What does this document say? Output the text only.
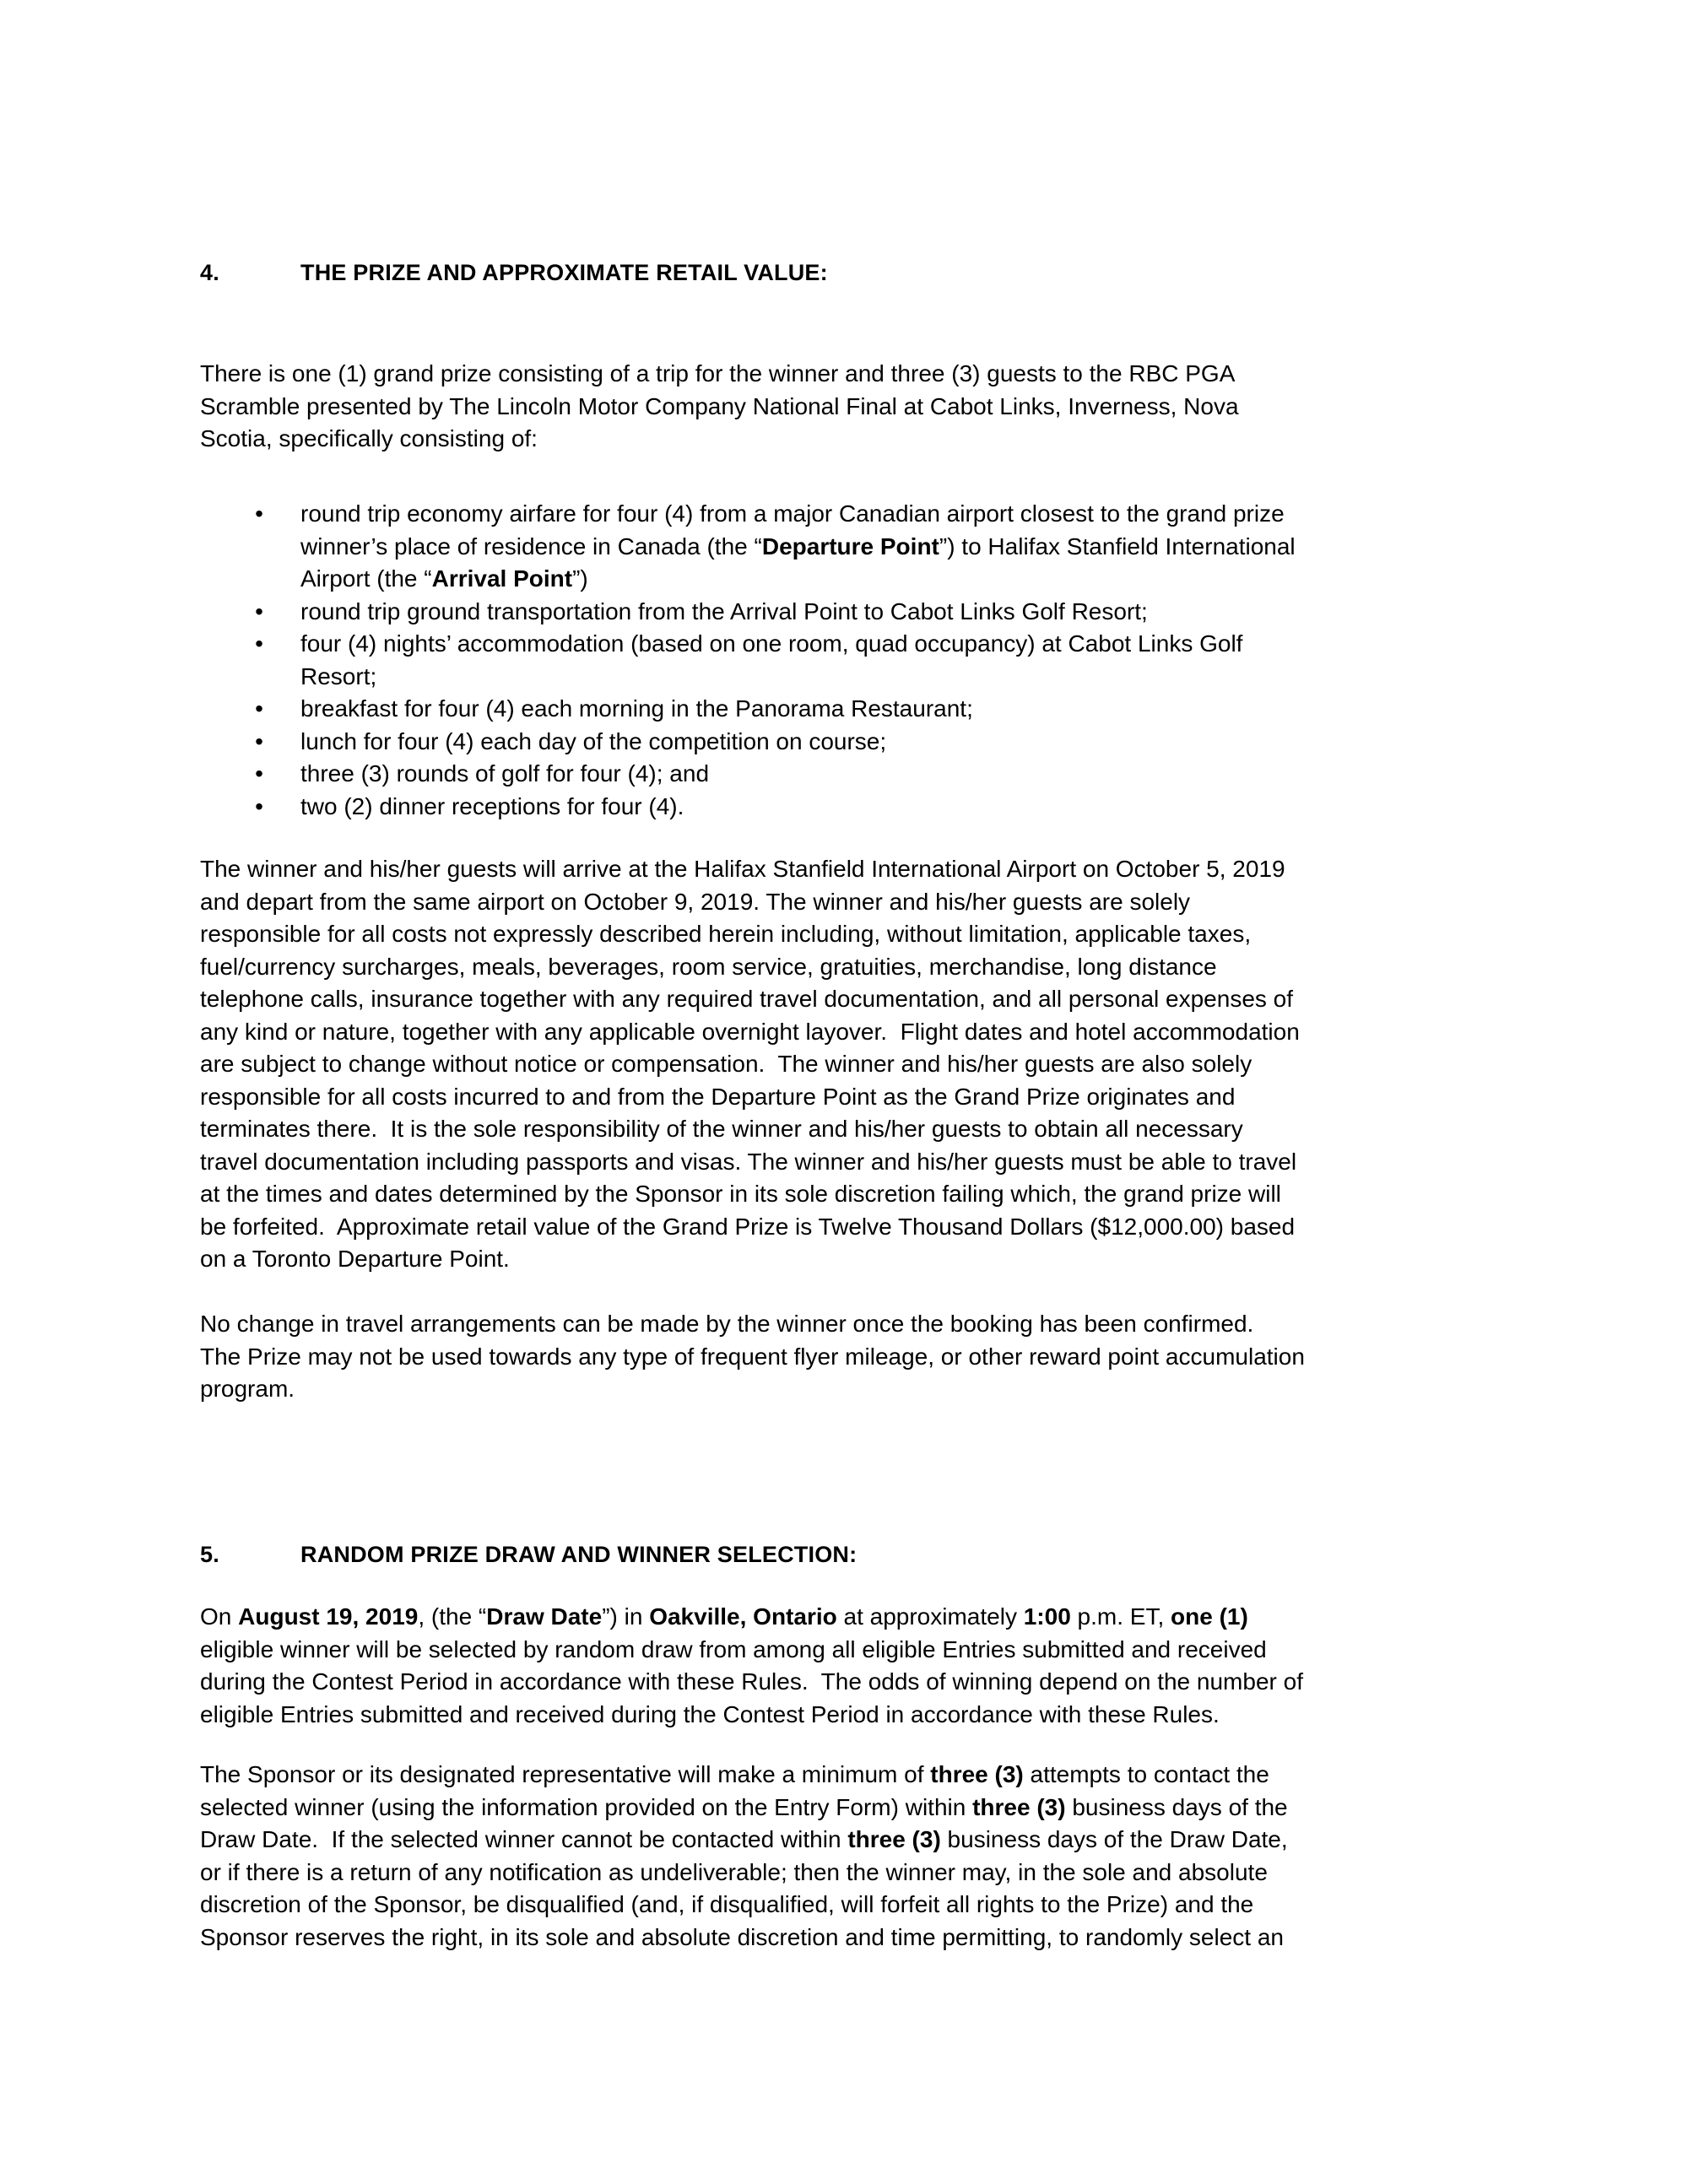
4.	THE PRIZE AND APPROXIMATE RETAIL VALUE:
There is one (1) grand prize consisting of a trip for the winner and three (3) guests to the RBC PGA
Scramble presented by The Lincoln Motor Company National Final at Cabot Links, Inverness, Nova
Scotia, specifically consisting of:
•	round trip economy airfare for four (4) from a major Canadian airport closest to the grand prize
winner’s place of residence in Canada (the “Departure Point”) to Halifax Stanfield International
Airport (the “Arrival Point”)
•	round trip ground transportation from the Arrival Point to Cabot Links Golf Resort;
•	four (4) nights’ accommodation (based on one room, quad occupancy) at Cabot Links Golf
Resort;
•	breakfast for four (4) each morning in the Panorama Restaurant;
•	lunch for four (4) each day of the competition on course;
•	three (3) rounds of golf for four (4); and
•	two (2) dinner receptions for four (4).
The winner and his/her guests will arrive at the Halifax Stanfield International Airport on October 5, 2019
and depart from the same airport on October 9, 2019. The winner and his/her guests are solely
responsible for all costs not expressly described herein including, without limitation, applicable taxes,
fuel/currency surcharges, meals, beverages, room service, gratuities, merchandise, long distance
telephone calls, insurance together with any required travel documentation, and all personal expenses of
any kind or nature, together with any applicable overnight layover.  Flight dates and hotel accommodation
are subject to change without notice or compensation.  The winner and his/her guests are also solely
responsible for all costs incurred to and from the Departure Point as the Grand Prize originates and
terminates there.  It is the sole responsibility of the winner and his/her guests to obtain all necessary
travel documentation including passports and visas. The winner and his/her guests must be able to travel
at the times and dates determined by the Sponsor in its sole discretion failing which, the grand prize will
be forfeited.  Approximate retail value of the Grand Prize is Twelve Thousand Dollars ($12,000.00) based
on a Toronto Departure Point.
No change in travel arrangements can be made by the winner once the booking has been confirmed.
The Prize may not be used towards any type of frequent flyer mileage, or other reward point accumulation
program.
5.	RANDOM PRIZE DRAW AND WINNER SELECTION:
On August 19, 2019, (the “Draw Date”) in Oakville, Ontario at approximately 1:00 p.m. ET, one (1)
eligible winner will be selected by random draw from among all eligible Entries submitted and received
during the Contest Period in accordance with these Rules.  The odds of winning depend on the number of
eligible Entries submitted and received during the Contest Period in accordance with these Rules.
The Sponsor or its designated representative will make a minimum of three (3) attempts to contact the
selected winner (using the information provided on the Entry Form) within three (3) business days of the
Draw Date.  If the selected winner cannot be contacted within three (3) business days of the Draw Date,
or if there is a return of any notification as undeliverable; then the winner may, in the sole and absolute
discretion of the Sponsor, be disqualified (and, if disqualified, will forfeit all rights to the Prize) and the
Sponsor reserves the right, in its sole and absolute discretion and time permitting, to randomly select an
